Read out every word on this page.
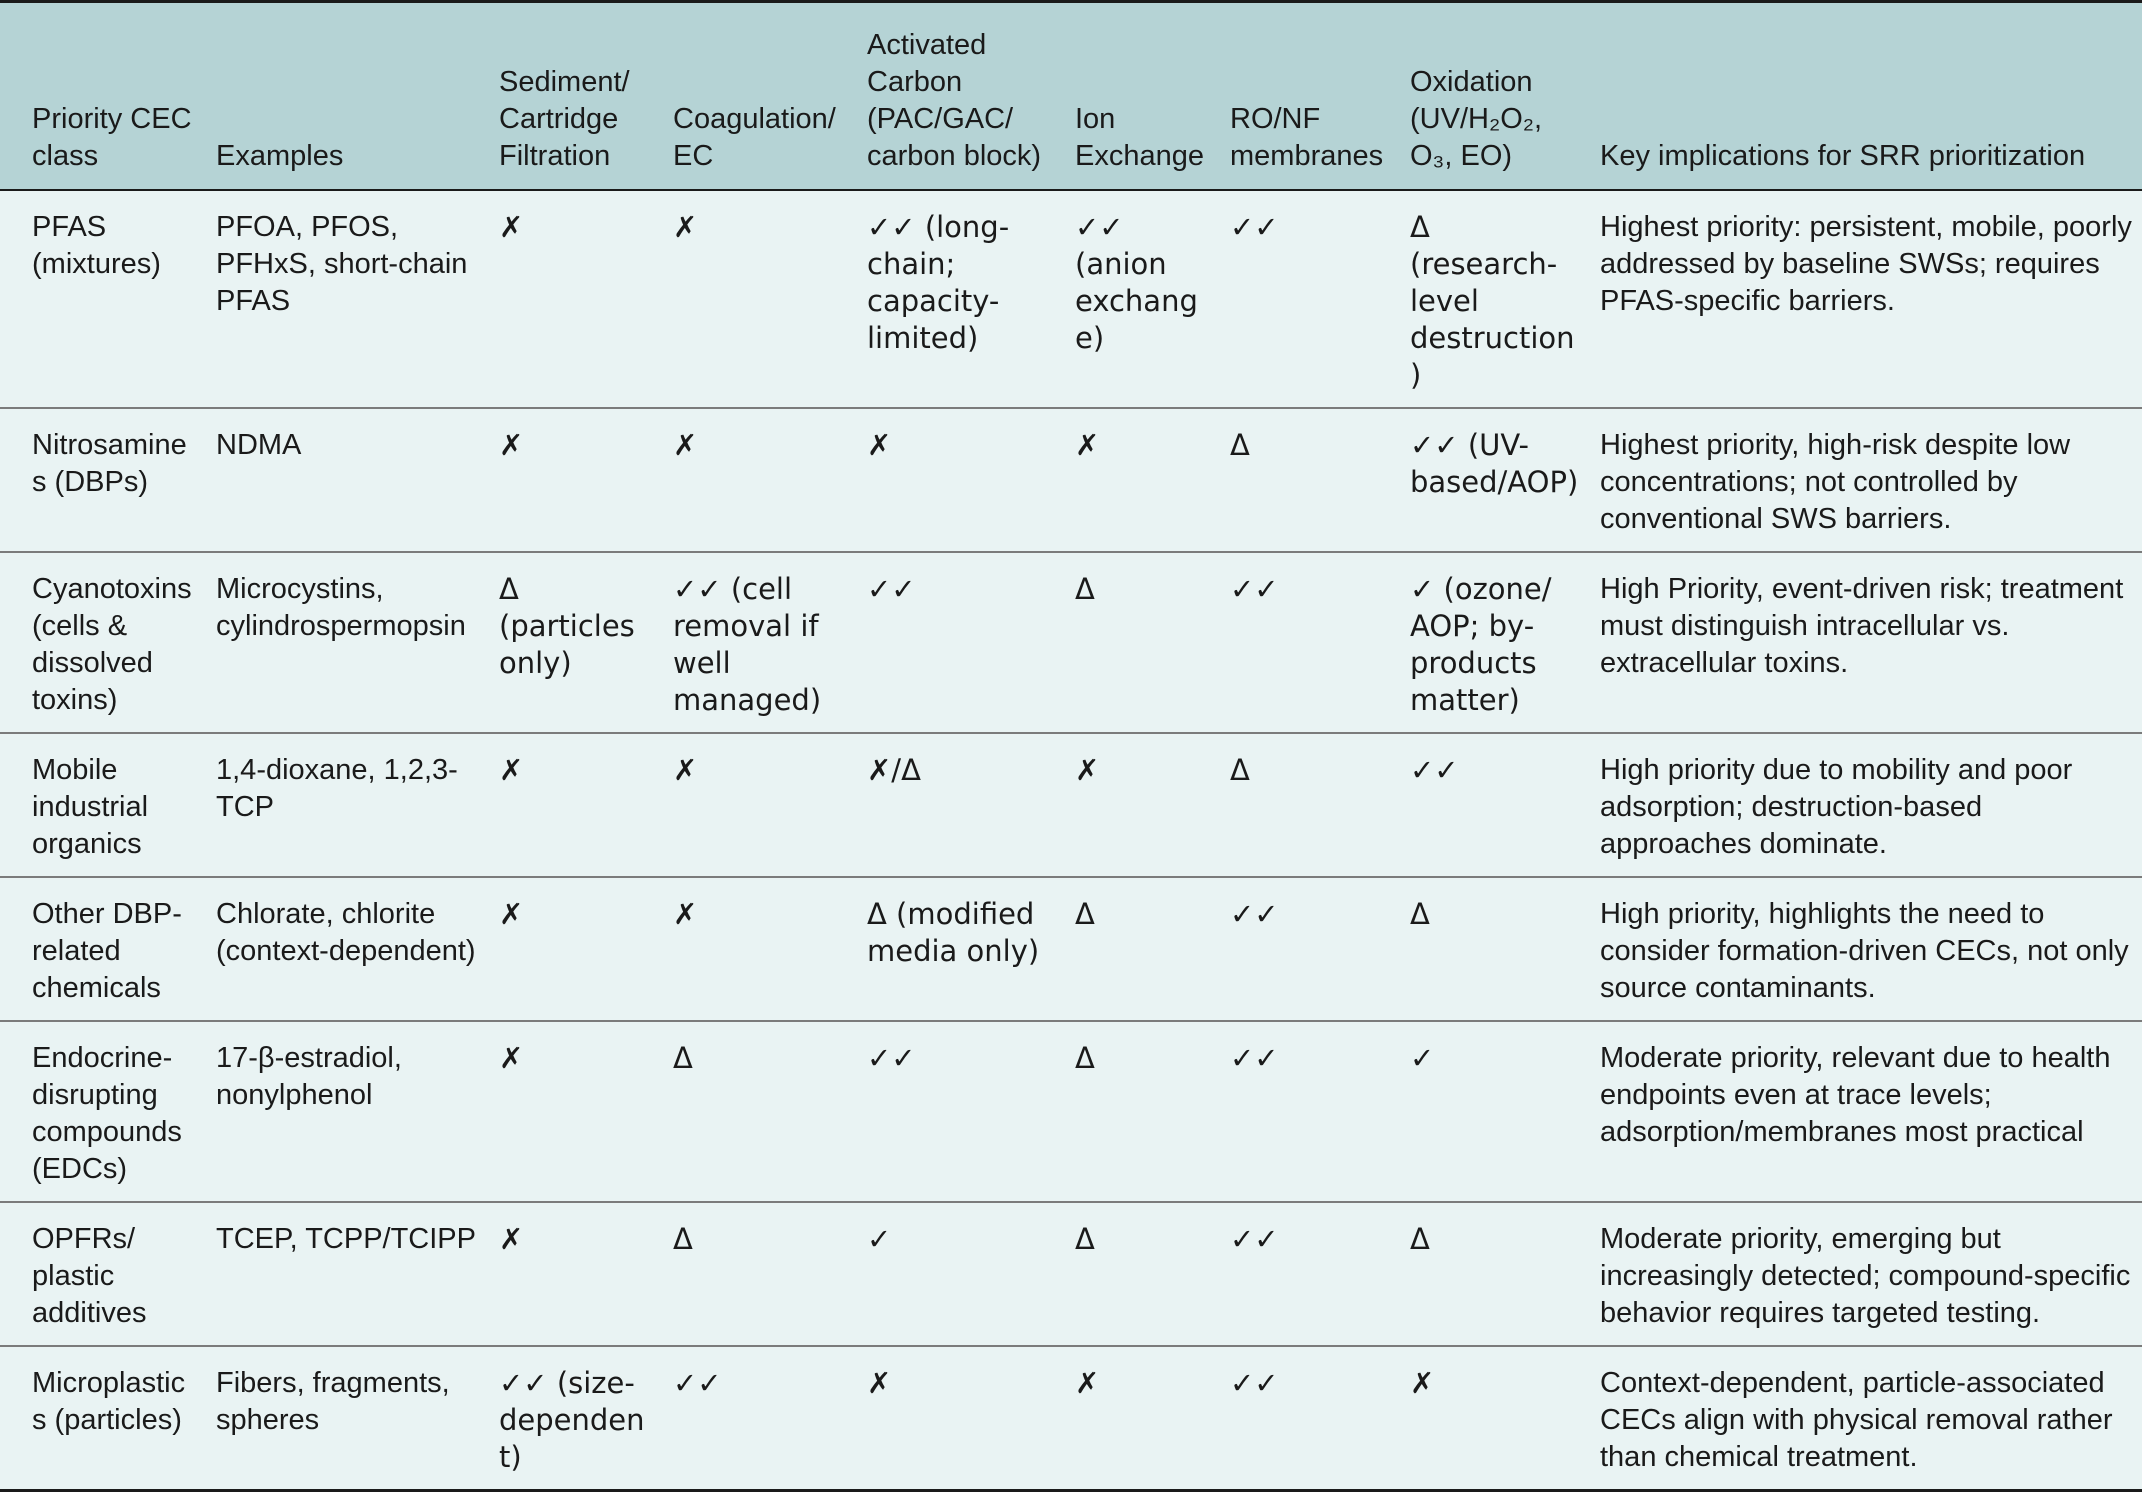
Priority CEC class	Examples	Sediment/ Cartridge Filtration	Coagulation/ EC	Activated Carbon (PAC/GAC/ carbon block)	Ion Exchange	RO/NF membranes	Oxidation (UV/H₂O₂, O₃, EO)	Key implications for SRR prioritization
PFAS (mixtures)	PFOA, PFOS, PFHxS, short-chain PFAS	✗	✗	✓✓ (long-chain; capacity-limited)	✓✓ (anion exchange)	✓✓	Δ (research-level destruction)	Highest priority: persistent, mobile, poorly addressed by baseline SWSs; requires PFAS-specific barriers.
Nitrosamines (DBPs)	NDMA	✗	✗	✗	✗	Δ	✓✓ (UV-based/AOP)	Highest priority, high-risk despite low concentrations; not controlled by conventional SWS barriers.
Cyanotoxins (cells & dissolved toxins)	Microcystins, cylindrospermopsin	Δ (particles only)	✓✓ (cell removal if well managed)	✓✓	Δ	✓✓	✓ (ozone/ AOP; by-products matter)	High Priority, event-driven risk; treatment must distinguish intracellular vs. extracellular toxins.
Mobile industrial organics	1,4-dioxane, 1,2,3-TCP	✗	✗	✗/Δ	✗	Δ	✓✓	High priority due to mobility and poor adsorption; destruction-based approaches dominate.
Other DBP-related chemicals	Chlorate, chlorite (context-dependent)	✗	✗	Δ (modified media only)	Δ	✓✓	Δ	High priority, highlights the need to consider formation-driven CECs, not only source contaminants.
Endocrine-disrupting compounds (EDCs)	17-β-estradiol, nonylphenol	✗	Δ	✓✓	Δ	✓✓	✓	Moderate priority, relevant due to health endpoints even at trace levels; adsorption/membranes most practical
OPFRs/ plastic additives	TCEP, TCPP/TCIPP	✗	Δ	✓	Δ	✓✓	Δ	Moderate priority, emerging but increasingly detected; compound-specific behavior requires targeted testing.
Microplastics (particles)	Fibers, fragments, spheres	✓✓ (size-dependent)	✓✓	✗	✗	✓✓	✗	Context-dependent, particle-associated CECs align with physical removal rather than chemical treatment.
